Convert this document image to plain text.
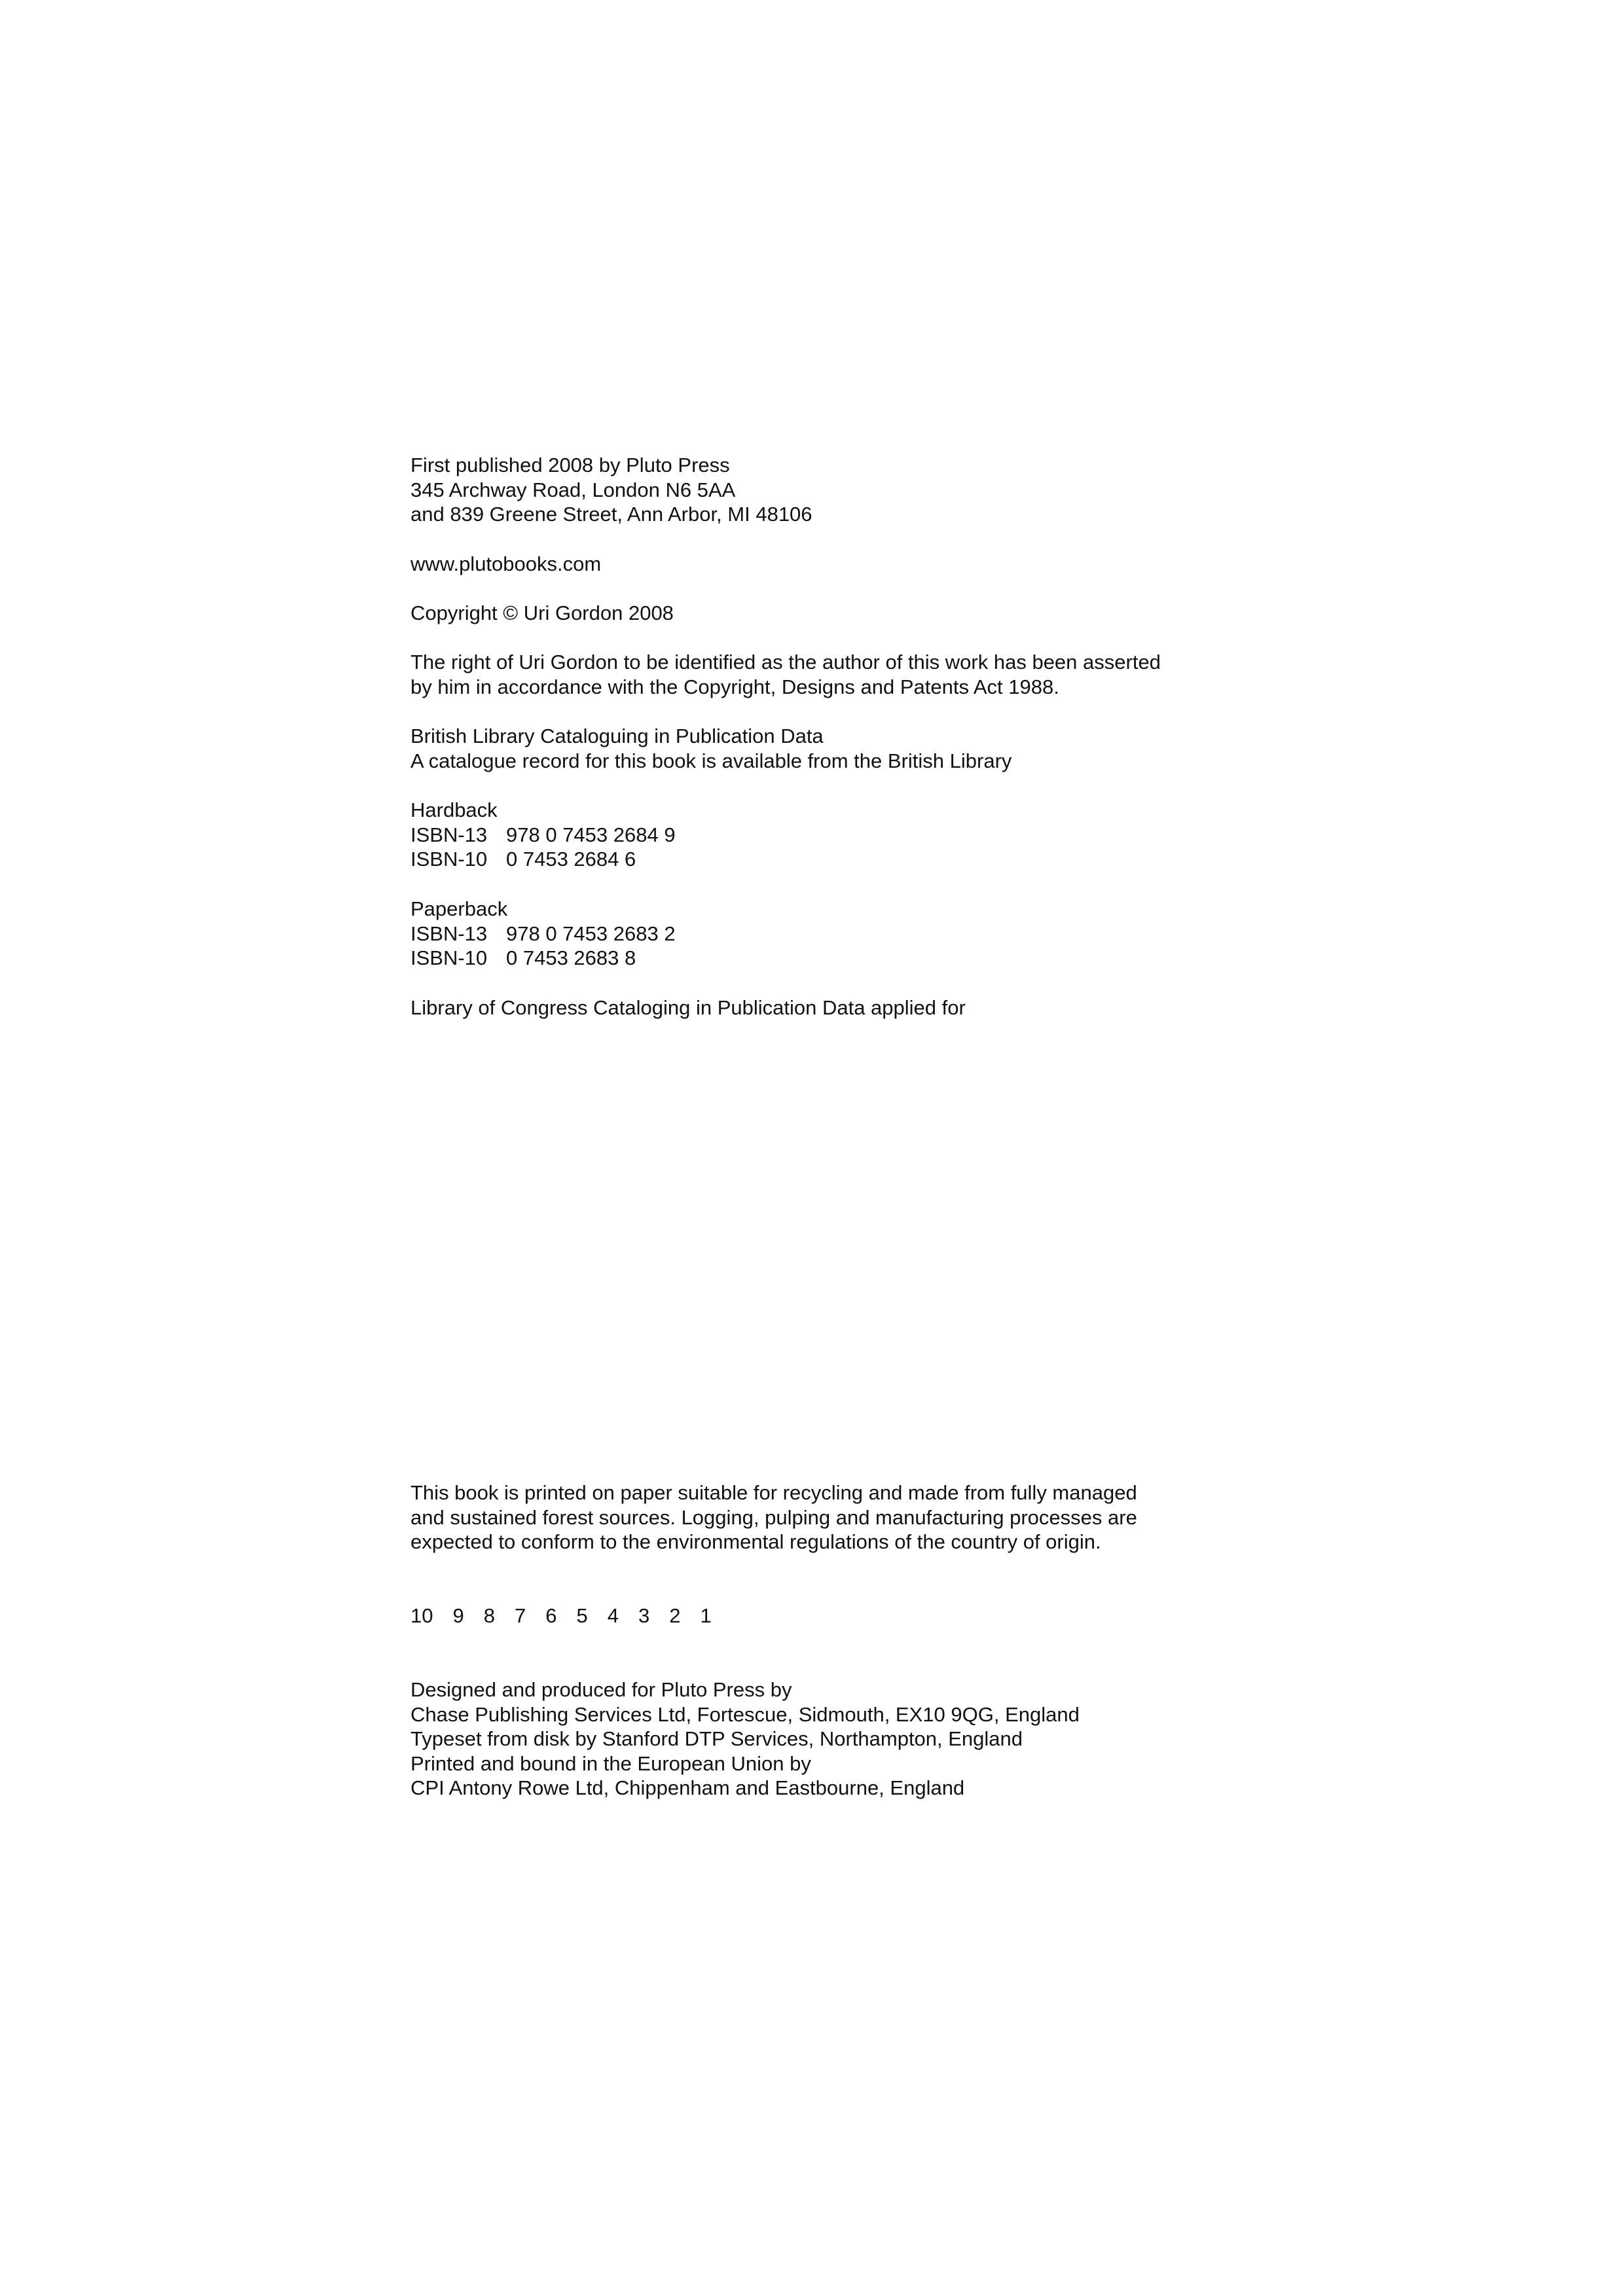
First published 2008 by Pluto Press
345 Archway Road, London N6 5AA
and 839 Greene Street, Ann Arbor, MI 48106
www.plutobooks.com
Copyright © Uri Gordon 2008
The right of Uri Gordon to be identified as the author of this work has been asserted
by him in accordance with the Copyright, Designs and Patents Act 1988.
British Library Cataloguing in Publication Data
A catalogue record for this book is available from the British Library
Hardback
ISBN-13 978 0 7453 2684 9
ISBN-10 0 7453 2684 6
Paperback
ISBN-13 978 0 7453 2683 2
ISBN-10 0 7453 2683 8
Library of Congress Cataloging in Publication Data applied for
This book is printed on paper suitable for recycling and made from fully managed
and sustained forest sources. Logging, pulping and manufacturing processes are
expected to conform to the environmental regulations of the country of origin.
10 9 8 7 6 5 4 3 2 1
Designed and produced for Pluto Press by
Chase Publishing Services Ltd, Fortescue, Sidmouth, EX10 9QG, England
Typeset from disk by Stanford DTP Services, Northampton, England
Printed and bound in the European Union by
CPI Antony Rowe Ltd, Chippenham and Eastbourne, England
